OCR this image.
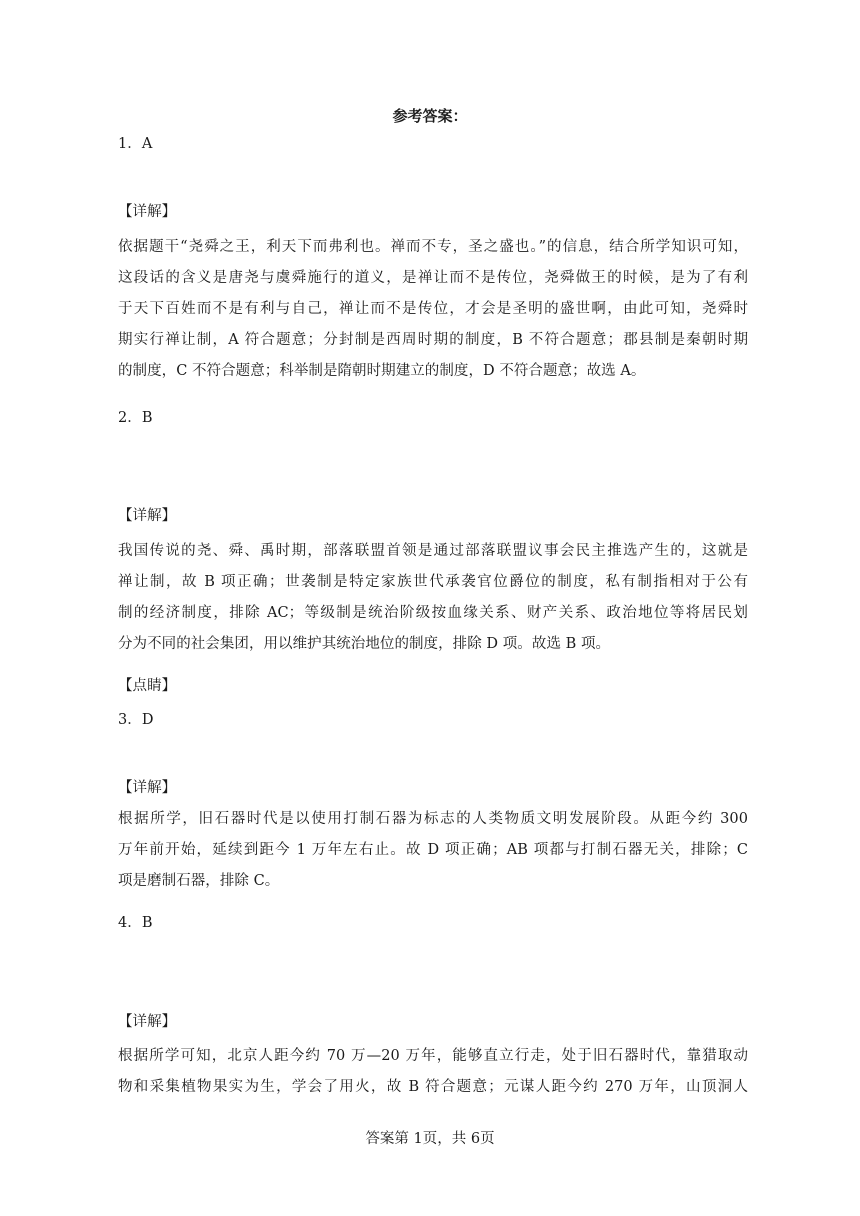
参考答案：
1．A
【详解】
依据题干“尧舜之王，利天下而弗利也。禅而不专，圣之盛也。”的信息，结合所学知识可知，
这段话的含义是唐尧与虞舜施行的道义，是禅让而不是传位，尧舜做王的时候，是为了有利
于天下百姓而不是有利与自己，禅让而不是传位，才会是圣明的盛世啊，由此可知，尧舜时
期实行禅让制，A 符合题意；分封制是西周时期的制度，B 不符合题意；郡县制是秦朝时期
的制度，C 不符合题意；科举制是隋朝时期建立的制度，D 不符合题意；故选 A。
2．B
【详解】
我国传说的尧、舜、禹时期，部落联盟首领是通过部落联盟议事会民主推选产生的，这就是
禅让制，故 B 项正确；世袭制是特定家族世代承袭官位爵位的制度，私有制指相对于公有
制的经济制度，排除 AC；等级制是统治阶级按血缘关系、财产关系、政治地位等将居民划
分为不同的社会集团，用以维护其统治地位的制度，排除 D 项。故选 B 项。
【点睛】
3．D
【详解】
根据所学，旧石器时代是以使用打制石器为标志的人类物质文明发展阶段。从距今约 300
万年前开始，延续到距今 1 万年左右止。故 D 项正确；AB 项都与打制石器无关，排除；C
项是磨制石器，排除 C。
4．B
【详解】
根据所学可知，北京人距今约 70 万—20 万年，能够直立行走，处于旧石器时代，靠猎取动
物和采集植物果实为生，学会了用火，故 B 符合题意；元谋人距今约 270 万年，山顶洞人
答案第 1页，共 6页
